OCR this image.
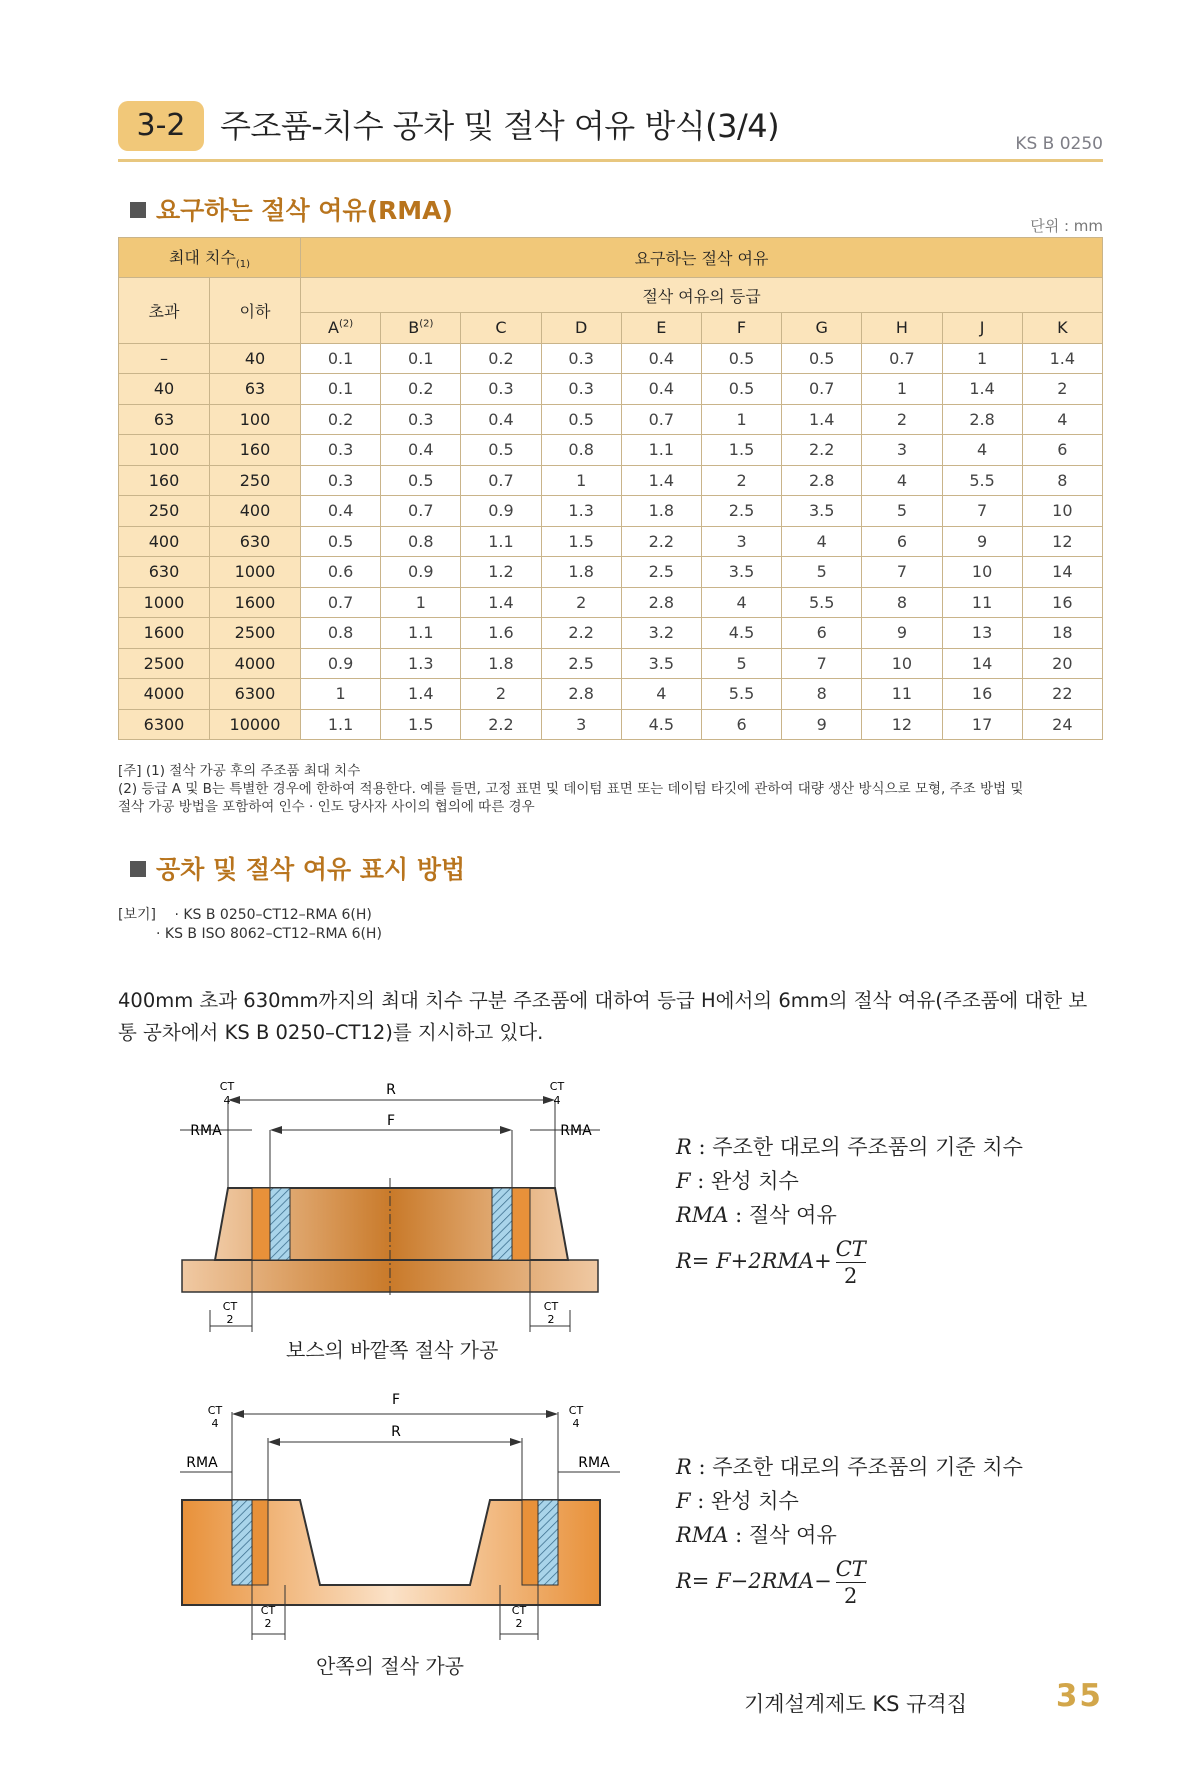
3-2	주조품-치수 공차 및 절삭 여유 방식(3/4)	KS B 0250
요구하는 절삭 여유(RMA)
단위 : mm
최대 치수$_{(1)}$		요구하는 절삭 여유									
초과	이하	절삭 여유의 등급									
		$A^{(2)}$	$B^{(2)}$	C	D	E	F	G	H	J	K
–	40	0.1	0.1	0.2	0.3	0.4	0.5	0.5	0.7	1	1.4
40	63	0.1	0.2	0.3	0.3	0.4	0.5	0.7	1	1.4	2
63	100	0.2	0.3	0.4	0.5	0.7	1	1.4	2	2.8	4
100	160	0.3	0.4	0.5	0.8	1.1	1.5	2.2	3	4	6
160	250	0.3	0.5	0.7	1	1.4	2	2.8	4	5.5	8
250	400	0.4	0.7	0.9	1.3	1.8	2.5	3.5	5	7	10
400	630	0.5	0.8	1.1	1.5	2.2	3	4	6	9	12
630	1000	0.6	0.9	1.2	1.8	2.5	3.5	5	7	10	14
1000	1600	0.7	1	1.4	2	2.8	4	5.5	8	11	16
1600	2500	0.8	1.1	1.6	2.2	3.2	4.5	6	9	13	18
2500	4000	0.9	1.3	1.8	2.5	3.5	5	7	10	14	20
4000	6300	1	1.4	2	2.8	4	5.5	8	11	16	22
6300	10000	1.1	1.5	2.2	3	4.5	6	9	12	17	24
[주] (1) 절삭 가공 후의 주조품 최대 치수
(2) 등급 A 및 B는 특별한 경우에 한하여 적용한다. 예를 들면, 고정 표면 및 데이텀 표면 또는 데이텀 타깃에 관하여 대량 생산 방식으로 모형, 주조 방법 및
절삭 가공 방법을 포함하여 인수 · 인도 당사자 사이의 협의에 따른 경우
공차 및 절삭 여유 표시 방법
[보기] · KS B 0250–CT12–RMA 6(H)
· KS B ISO 8062–CT12–RMA 6(H)
400mm 초과 630mm까지의 최대 치수 구분 주조품에 대하여 등급 H에서의 6mm의 절삭 여유(주조품에 대한 보통 공차에서 KS B 0250–CT12)를 지시하고 있다.
R
F
RMA	RMA
CT
4
CT
4
CT
2
CT
2
보스의 바깥쪽 절삭 가공
R : 주조한 대로의 주조품의 기준 치수
F : 완성 치수
RMA : 절삭 여유
$R= F+2RMA+ \frac{CT}{2}$
F
R
RMA	RMA
CT
4
CT
4
CT
2
CT
2
안쪽의 절삭 가공
R : 주조한 대로의 주조품의 기준 치수
F : 완성 치수
RMA : 절삭 여유
$R= F-2RMA- \frac{CT}{2}$
기계설계제도 KS 규격집	35
